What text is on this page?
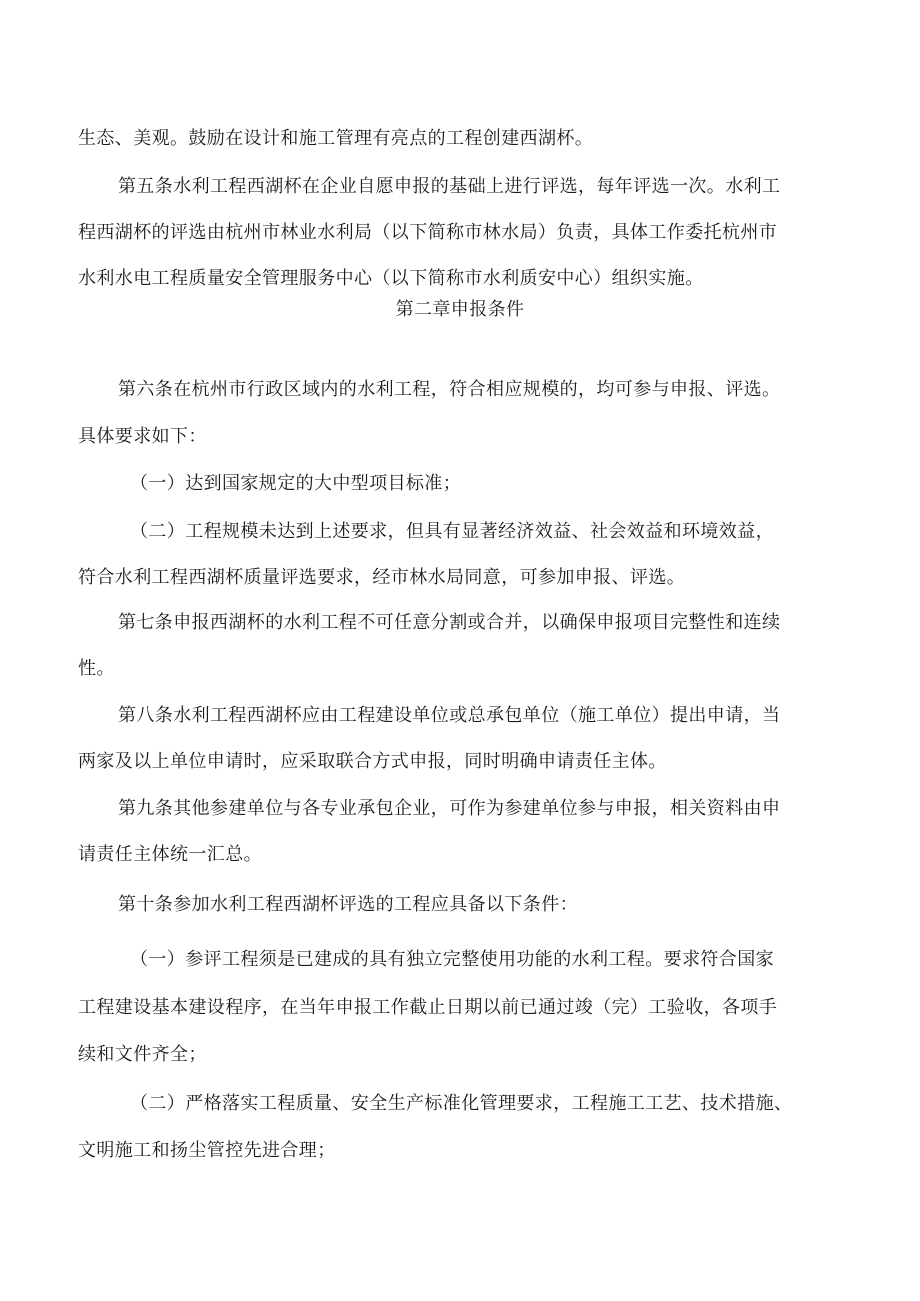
生态、美观。鼓励在设计和施工管理有亮点的工程创建西湖杯。
第五条水利工程西湖杯在企业自愿申报的基础上进行评选，每年评选一次。水利工
程西湖杯的评选由杭州市林业水利局（以下简称市林水局）负责，具体工作委托杭州市
水利水电工程质量安全管理服务中心（以下简称市水利质安中心）组织实施。
第二章申报条件
第六条在杭州市行政区域内的水利工程，符合相应规模的，均可参与申报、评选。
具体要求如下：
（一）达到国家规定的大中型项目标准；
（二）工程规模未达到上述要求，但具有显著经济效益、社会效益和环境效益，
符合水利工程西湖杯质量评选要求，经市林水局同意，可参加申报、评选。
第七条申报西湖杯的水利工程不可任意分割或合并，以确保申报项目完整性和连续
性。
第八条水利工程西湖杯应由工程建设单位或总承包单位（施工单位）提出申请，当
两家及以上单位申请时，应采取联合方式申报，同时明确申请责任主体。
第九条其他参建单位与各专业承包企业，可作为参建单位参与申报，相关资料由申
请责任主体统一汇总。
第十条参加水利工程西湖杯评选的工程应具备以下条件：
（一）参评工程须是已建成的具有独立完整使用功能的水利工程。要求符合国家
工程建设基本建设程序，在当年申报工作截止日期以前已通过竣（完）工验收，各项手
续和文件齐全；
（二）严格落实工程质量、安全生产标准化管理要求，工程施工工艺、技术措施、
文明施工和扬尘管控先进合理；
